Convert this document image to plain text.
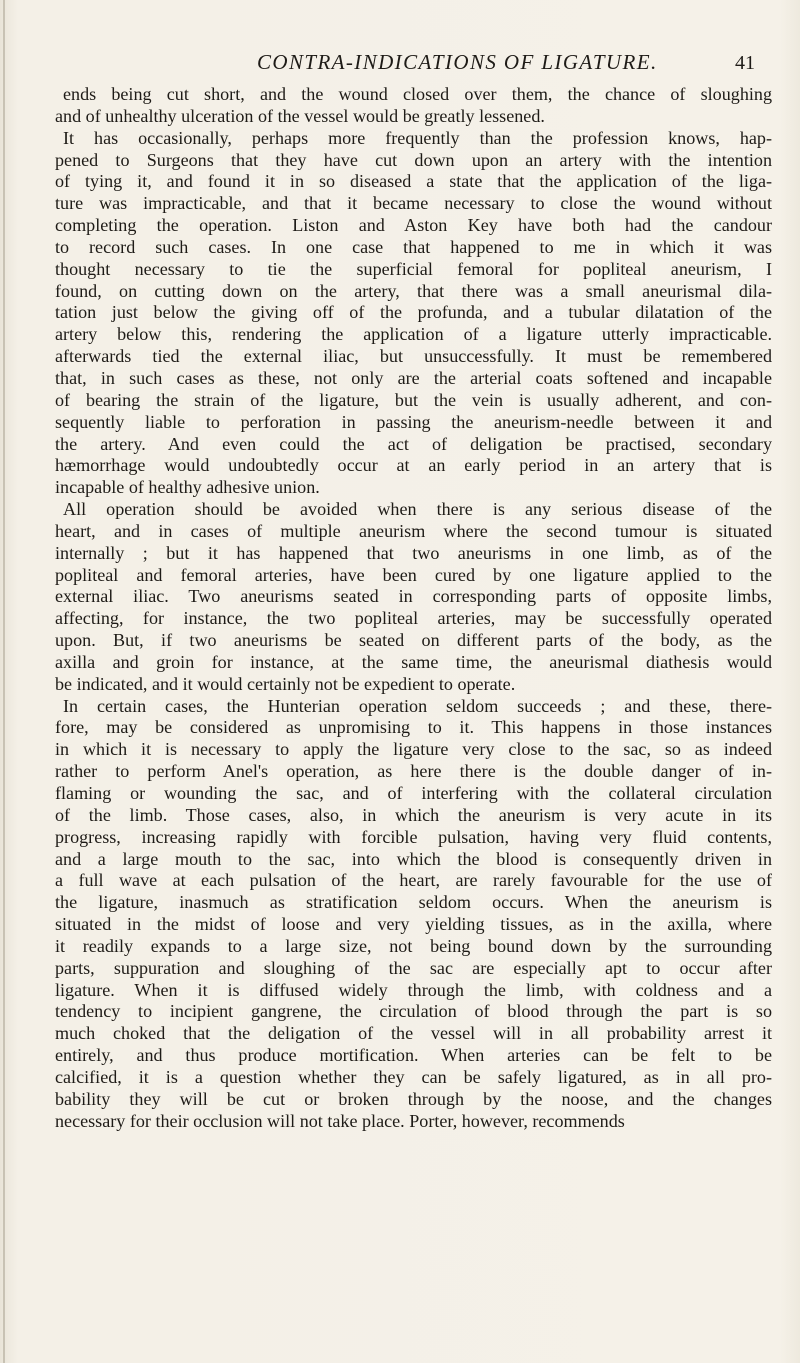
CONTRA-INDICATIONS OF LIGATURE.	41
ends being cut short, and the wound closed over them, the chance of sloughing
and of unhealthy ulceration of the vessel would be greatly lessened.
It has occasionally, perhaps more frequently than the profession knows, hap-
pened to Surgeons that they have cut down upon an artery with the intention
of tying it, and found it in so diseased a state that the application of the liga-
ture was impracticable, and that it became necessary to close the wound without
completing the operation. Liston and Aston Key have both had the candour
to record such cases. In one case that happened to me in which it was
thought necessary to tie the superficial femoral for popliteal aneurism, I
found, on cutting down on the artery, that there was a small aneurismal dila-
tation just below the giving off of the profunda, and a tubular dilatation of the
artery below this, rendering the application of a ligature utterly impracticable.
afterwards tied the external iliac, but unsuccessfully. It must be remembered
that, in such cases as these, not only are the arterial coats softened and incapable
of bearing the strain of the ligature, but the vein is usually adherent, and con-
sequently liable to perforation in passing the aneurism-needle between it and
the artery. And even could the act of deligation be practised, secondary
hæmorrhage would undoubtedly occur at an early period in an artery that is
incapable of healthy adhesive union.
All operation should be avoided when there is any serious disease of the
heart, and in cases of multiple aneurism where the second tumour is situated
internally ; but it has happened that two aneurisms in one limb, as of the
popliteal and femoral arteries, have been cured by one ligature applied to the
external iliac. Two aneurisms seated in corresponding parts of opposite limbs,
affecting, for instance, the two popliteal arteries, may be successfully operated
upon. But, if two aneurisms be seated on different parts of the body, as the
axilla and groin for instance, at the same time, the aneurismal diathesis would
be indicated, and it would certainly not be expedient to operate.
In certain cases, the Hunterian operation seldom succeeds ; and these, there-
fore, may be considered as unpromising to it. This happens in those instances
in which it is necessary to apply the ligature very close to the sac, so as indeed
rather to perform Anel's operation, as here there is the double danger of in-
flaming or wounding the sac, and of interfering with the collateral circulation
of the limb. Those cases, also, in which the aneurism is very acute in its
progress, increasing rapidly with forcible pulsation, having very fluid contents,
and a large mouth to the sac, into which the blood is consequently driven in
a full wave at each pulsation of the heart, are rarely favourable for the use of
the ligature, inasmuch as stratification seldom occurs. When the aneurism is
situated in the midst of loose and very yielding tissues, as in the axilla, where
it readily expands to a large size, not being bound down by the surrounding
parts, suppuration and sloughing of the sac are especially apt to occur after
ligature. When it is diffused widely through the limb, with coldness and a
tendency to incipient gangrene, the circulation of blood through the part is so
much choked that the deligation of the vessel will in all probability arrest it
entirely, and thus produce mortification. When arteries can be felt to be
calcified, it is a question whether they can be safely ligatured, as in all pro-
bability they will be cut or broken through by the noose, and the changes
necessary for their occlusion will not take place. Porter, however, recommends
